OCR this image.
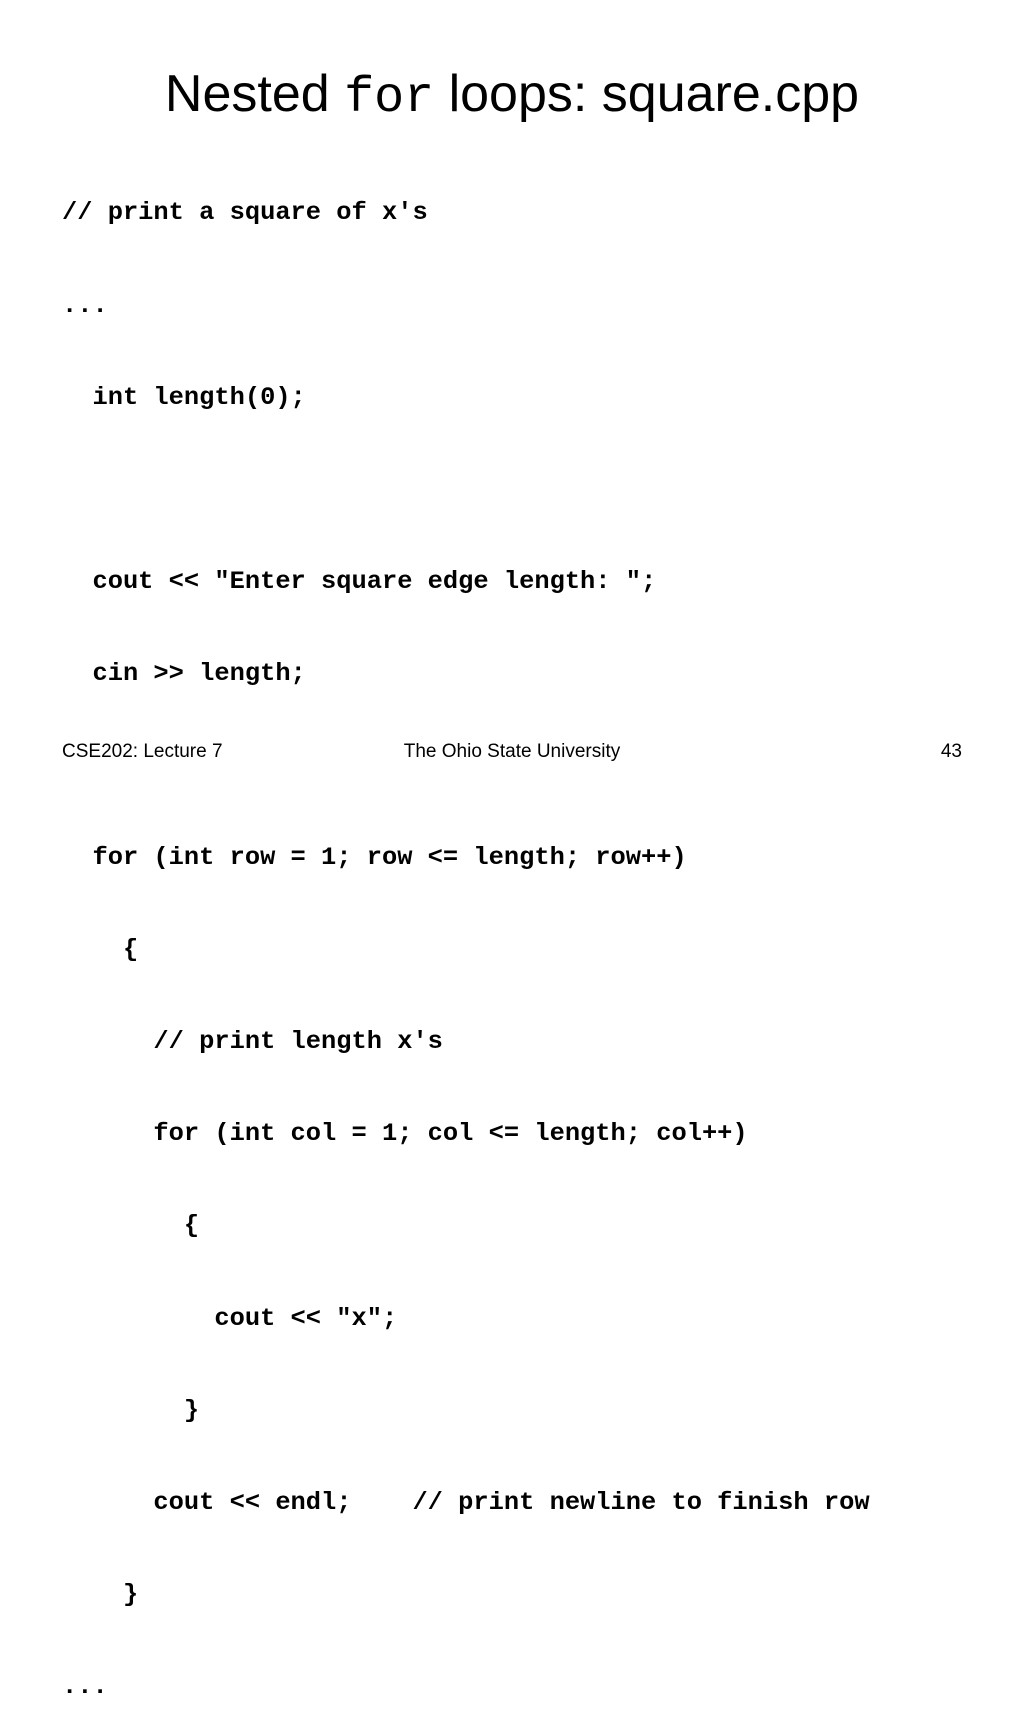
Nested for loops: square.cpp

// print a square of x's

...

int length(0);

cout << "Enter square edge length: ";

cin >> length;

for (int row = 1; row <= length; row++)

{

// print length x's

for (int col = 1; col <= length; col++)

{

cout << "x";

}

cout << endl;    // print newline to finish row

}

...

CSE202: Lecture 7	The Ohio State University	43
